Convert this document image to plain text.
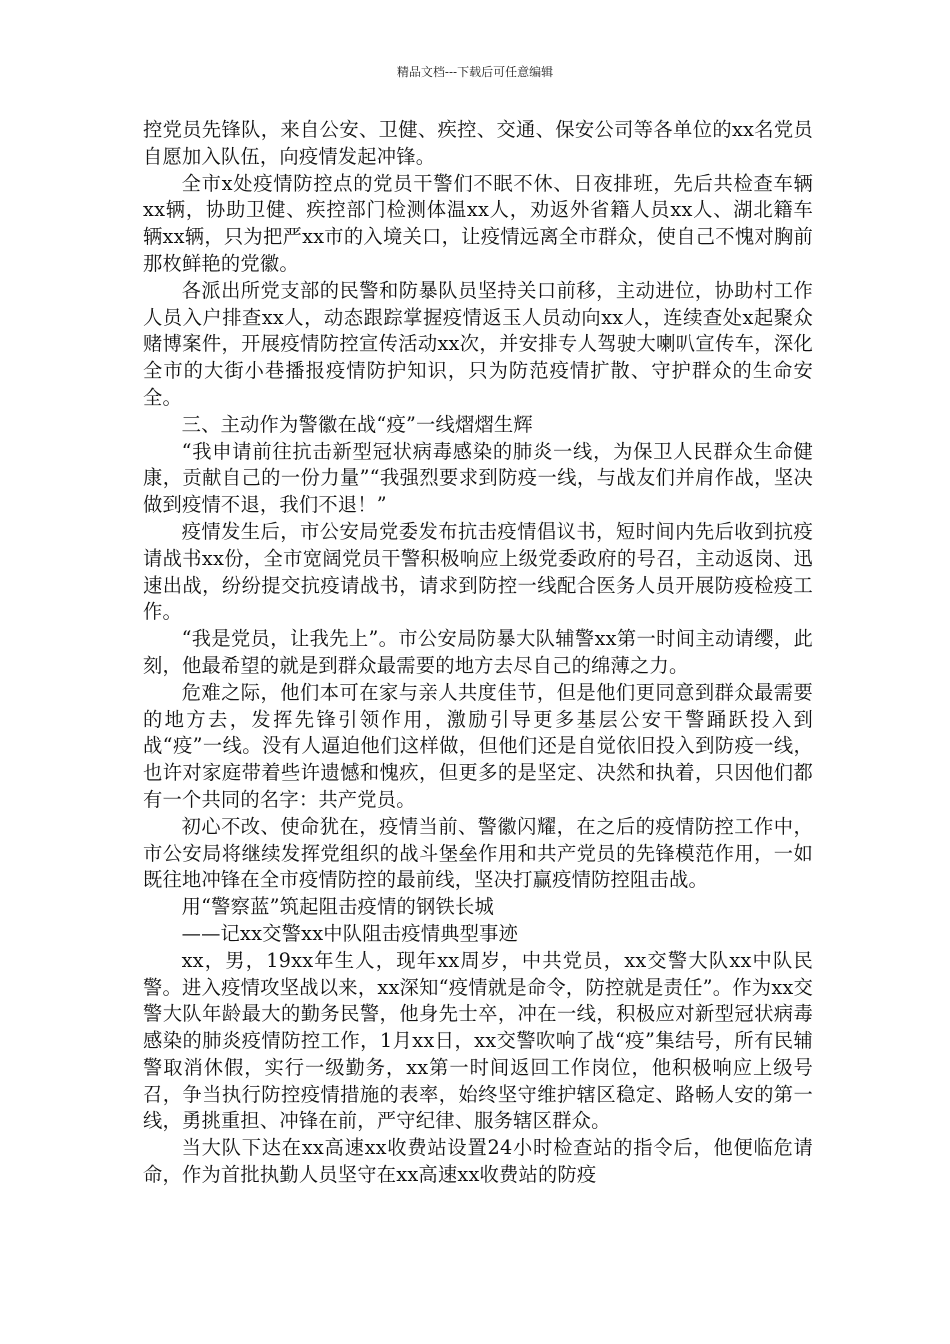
精品文档---下载后可任意编辑

控党员先锋队，来自公安、卫健、疾控、交通、保安公司等各单位的xx名党员自愿加入队伍，向疫情发起冲锋。

全市x处疫情防控点的党员干警们不眠不休、日夜排班，先后共检查车辆xx辆，协助卫健、疾控部门检测体温xx人，劝返外省籍人员xx人、湖北籍车辆xx辆，只为把严xx市的入境关口，让疫情远离全市群众，使自己不愧对胸前那枚鲜艳的党徽。

各派出所党支部的民警和防暴队员坚持关口前移，主动进位，协助村工作人员入户排查xx人，动态跟踪掌握疫情返玉人员动向xx人，连续查处x起聚众赌博案件，开展疫情防控宣传活动xx次，并安排专人驾驶大喇叭宣传车，深化全市的大街小巷播报疫情防护知识，只为防范疫情扩散、守护群众的生命安全。

三、主动作为警徽在战“疫”一线熠熠生辉

“我申请前往抗击新型冠状病毒感染的肺炎一线，为保卫人民群众生命健康，贡献自己的一份力量”“我强烈要求到防疫一线，与战友们并肩作战，坚决做到疫情不退，我们不退！”

疫情发生后，市公安局党委发布抗击疫情倡议书，短时间内先后收到抗疫请战书xx份，全市宽阔党员干警积极响应上级党委政府的号召，主动返岗、迅速出战，纷纷提交抗疫请战书，请求到防控一线配合医务人员开展防疫检疫工作。

“我是党员，让我先上”。市公安局防暴大队辅警xx第一时间主动请缨，此刻，他最希望的就是到群众最需要的地方去尽自己的绵薄之力。

危难之际，他们本可在家与亲人共度佳节，但是他们更同意到群众最需要的地方去，发挥先锋引领作用，激励引导更多基层公安干警踊跃投入到战“疫”一线。没有人逼迫他们这样做，但他们还是自觉依旧投入到防疫一线，也许对家庭带着些许遗憾和愧疚，但更多的是坚定、决然和执着，只因他们都有一个共同的名字：共产党员。

初心不改、使命犹在，疫情当前、警徽闪耀，在之后的疫情防控工作中，市公安局将继续发挥党组织的战斗堡垒作用和共产党员的先锋模范作用，一如既往地冲锋在全市疫情防控的最前线，坚决打赢疫情防控阻击战。

用“警察蓝”筑起阻击疫情的钢铁长城

——记xx交警xx中队阻击疫情典型事迹

xx，男，19xx年生人，现年xx周岁，中共党员，xx交警大队xx中队民警。进入疫情攻坚战以来，xx深知“疫情就是命令，防控就是责任”。作为xx交警大队年龄最大的勤务民警，他身先士卒，冲在一线，积极应对新型冠状病毒感染的肺炎疫情防控工作，1月xx日，xx交警吹响了战“疫”集结号，所有民辅警取消休假，实行一级勤务，xx第一时间返回工作岗位，他积极响应上级号召，争当执行防控疫情措施的表率，始终坚守维护辖区稳定、路畅人安的第一线，勇挑重担、冲锋在前，严守纪律、服务辖区群众。

当大队下达在xx高速xx收费站设置24小时检查站的指令后，他便临危请命，作为首批执勤人员坚守在xx高速xx收费站的防疫
